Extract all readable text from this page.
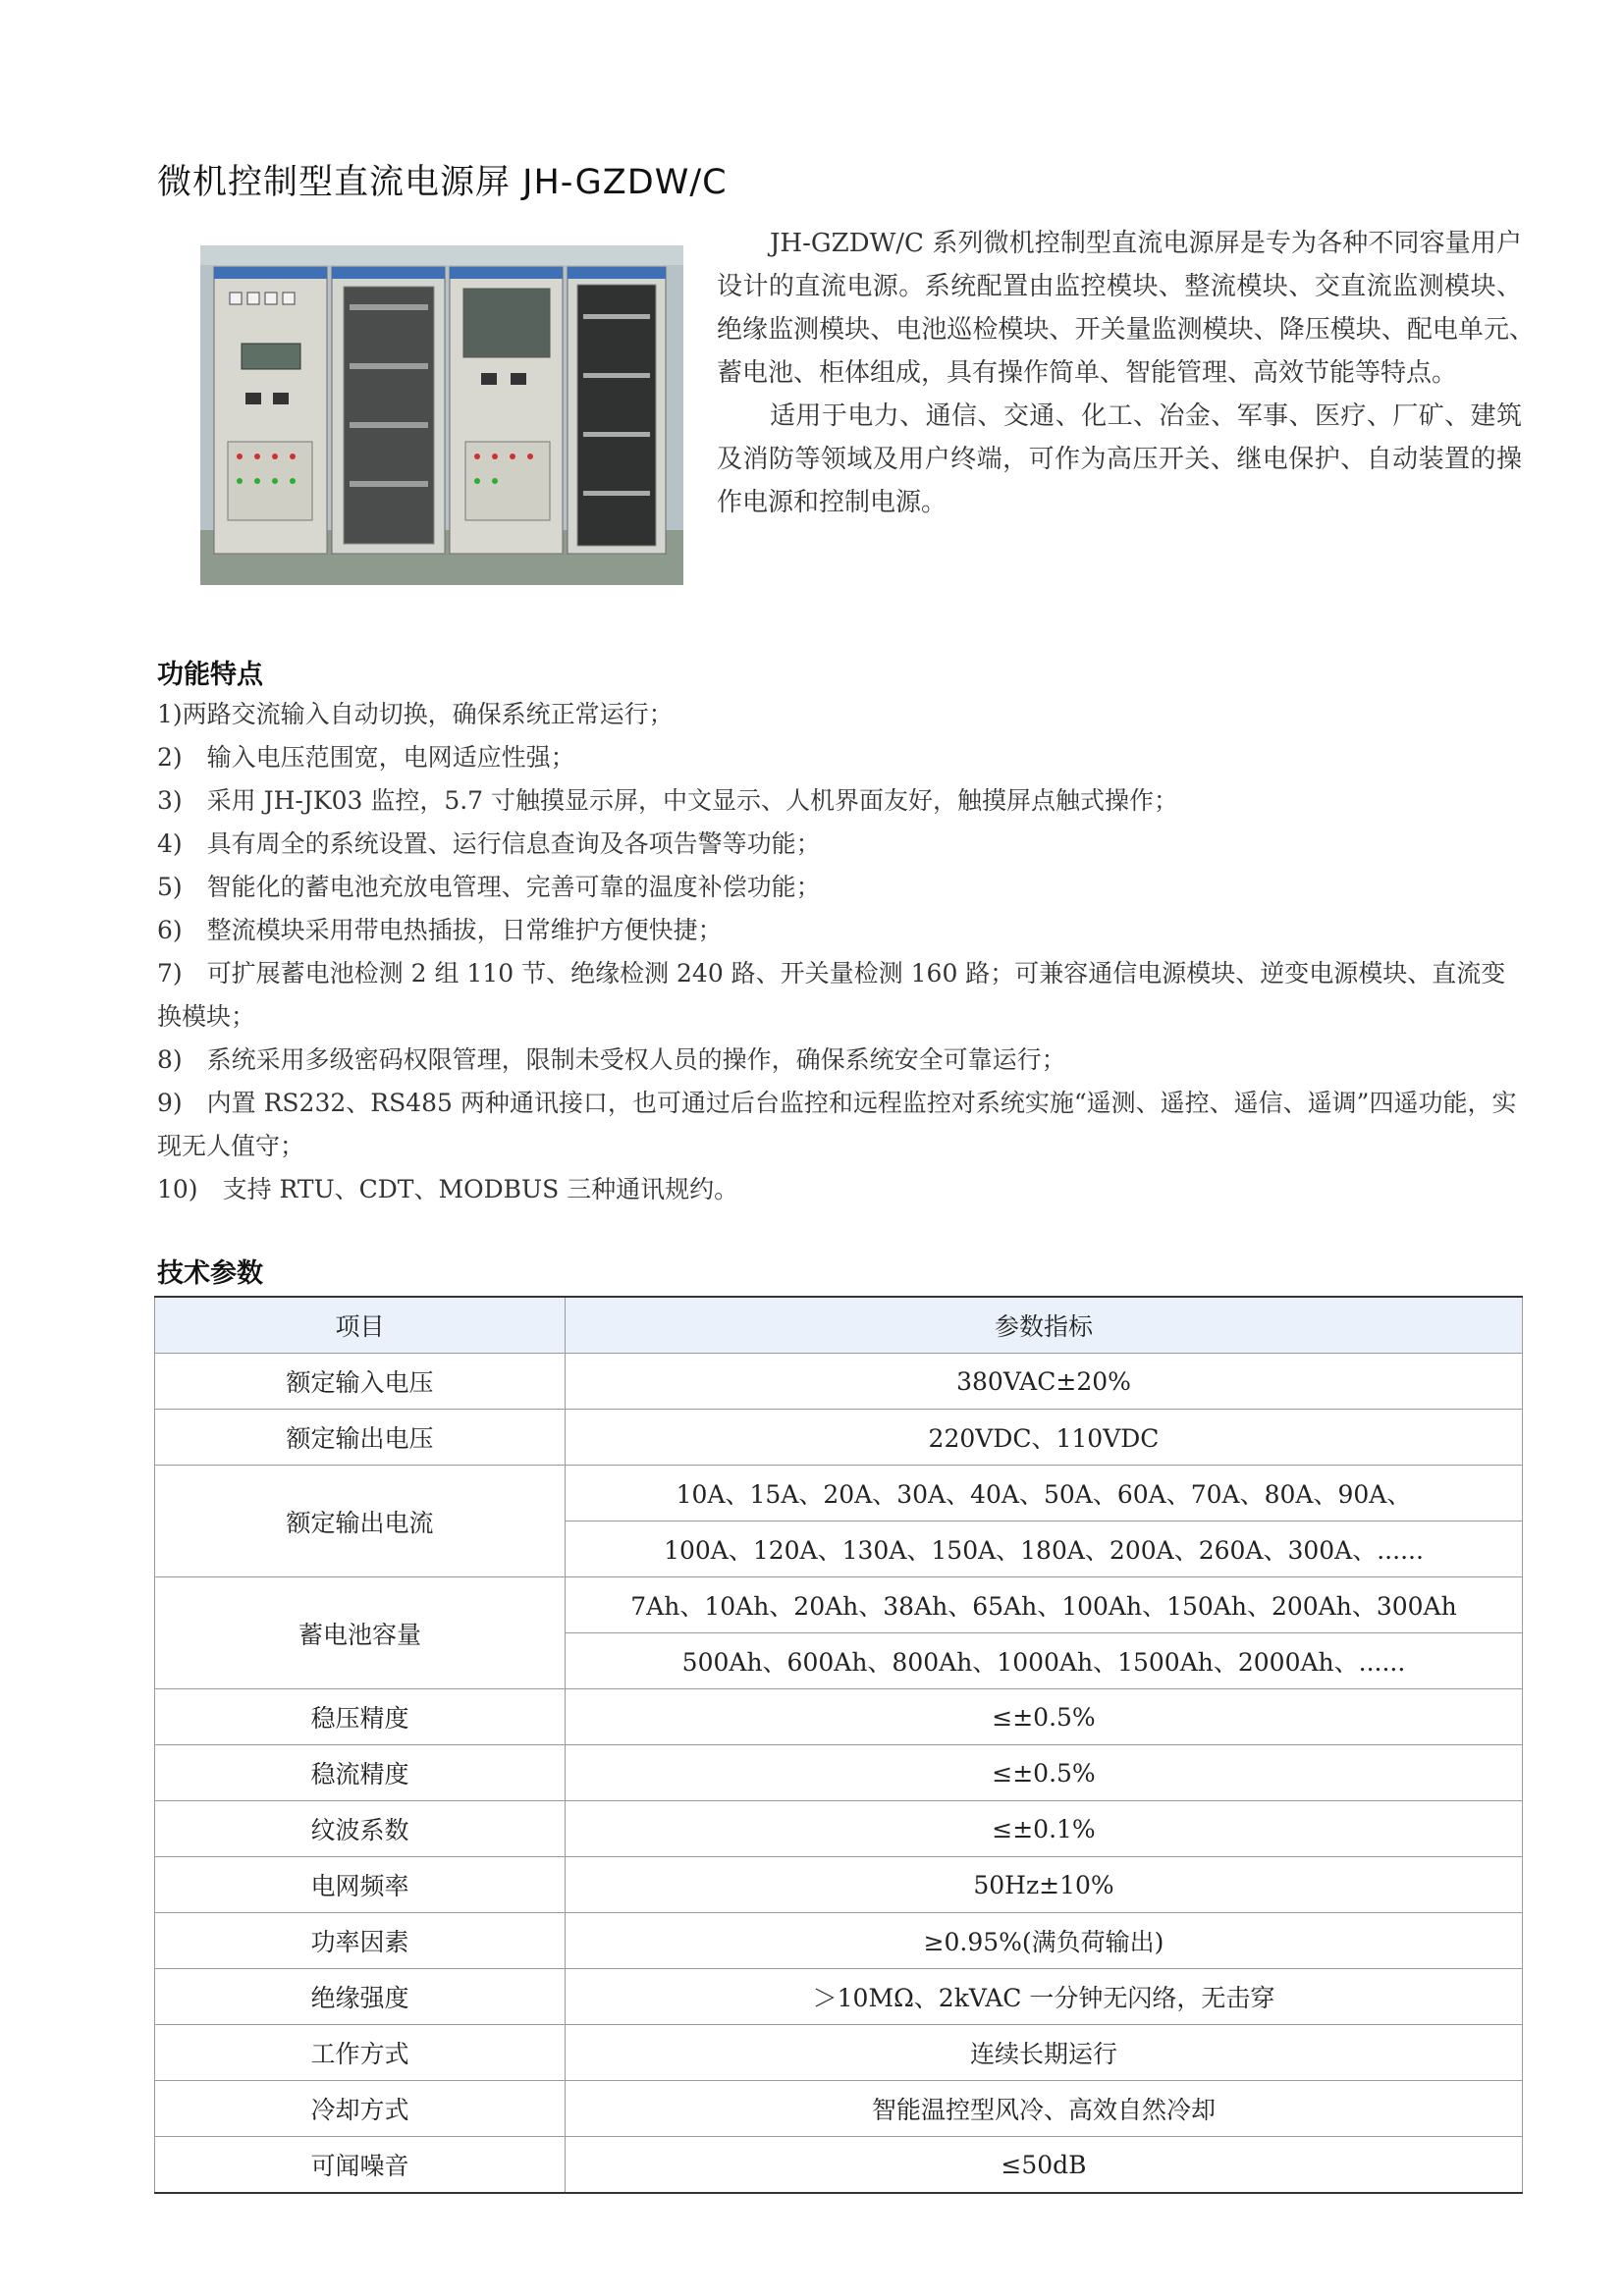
微机控制型直流电源屏 JH-GZDW/C

JH-GZDW/C 系列微机控制型直流电源屏是专为各种不同容量用户设计的直流电源。系统配置由监控模块、整流模块、交直流监测模块、绝缘监测模块、电池巡检模块、开关量监测模块、降压模块、配电单元、　蓄电池、柜体组成，具有操作简单、智能管理、高效节能等特点。

适用于电力、通信、交通、化工、冶金、军事、医疗、厂矿、建筑及消防等领域及用户终端，可作为高压开关、继电保护、自动装置的操作电源和控制电源。

功能特点
1)两路交流输入自动切换，确保系统正常运行；
2)　输入电压范围宽，电网适应性强；
3)　采用 JH-JK03 监控，5.7 寸触摸显示屏，中文显示、人机界面友好，触摸屏点触式操作；
4)　具有周全的系统设置、运行信息查询及各项告警等功能；
5)　智能化的蓄电池充放电管理、完善可靠的温度补偿功能；
6)　整流模块采用带电热插拔，日常维护方便快捷；
7)　可扩展蓄电池检测 2 组 110 节、绝缘检测 240 路、开关量检测 160 路；可兼容通信电源模块、逆变电源模块、直流变换模块；
8)　系统采用多级密码权限管理，限制未受权人员的操作，确保系统安全可靠运行；
9)　内置 RS232、RS485 两种通讯接口，也可通过后台监控和远程监控对系统实施“遥测、遥控、遥信、遥调”四遥功能，实现无人值守；
10)　支持 RTU、CDT、MODBUS 三种通讯规约。
技术参数
项目	参数指标
额定输入电压	380VAC±20%
额定输出电压	220VDC、110VDC
额定输出电流	10A、15A、20A、30A、40A、50A、60A、70A、80A、90A、
	100A、120A、130A、150A、180A、200A、260A、300A、......
蓄电池容量	7Ah、10Ah、20Ah、38Ah、65Ah、100Ah、150Ah、200Ah、300Ah
	500Ah、600Ah、800Ah、1000Ah、1500Ah、2000Ah、......
稳压精度	≤±0.5%
稳流精度	≤±0.5%
纹波系数	≤±0.1%
电网频率	50Hz±10%
功率因素	≥0.95%(满负荷输出)
绝缘强度	＞10MΩ、2kVAC 一分钟无闪络，无击穿
工作方式	连续长期运行
冷却方式	智能温控型风冷、高效自然冷却
可闻噪音	≤50dB
